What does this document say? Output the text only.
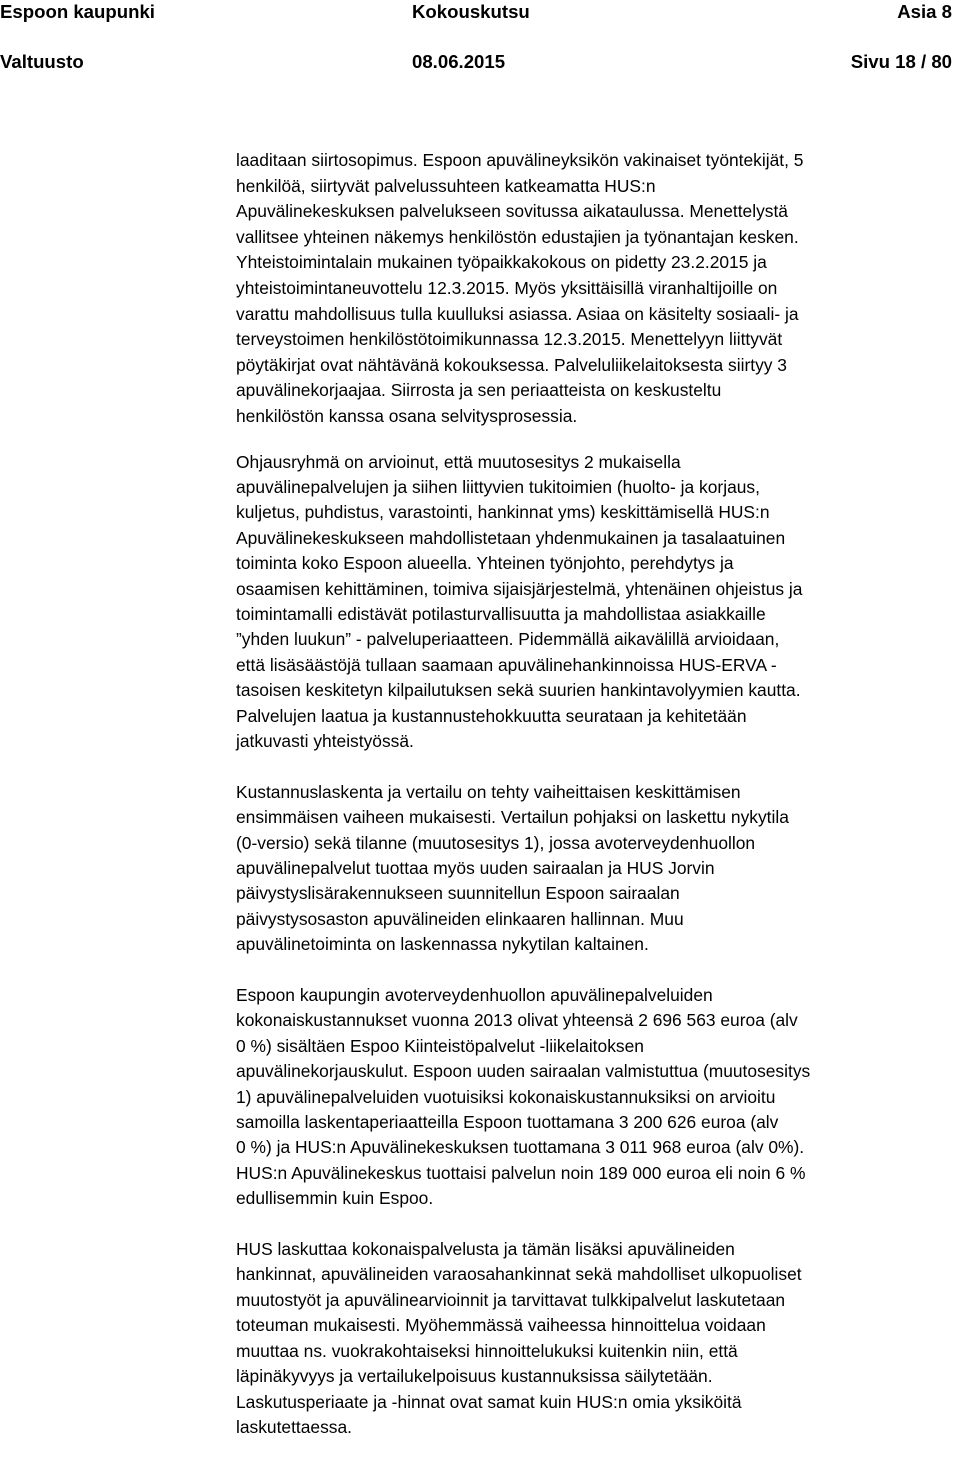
Espoon kaupunki	Kokouskutsu	Asia 8
Valtuusto	08.06.2015	Sivu 18 / 80

laaditaan siirtosopimus. Espoon apuvälineyksikön vakinaiset työntekijät, 5
henkilöä, siirtyvät palvelussuhteen katkeamatta HUS:n
Apuvälinekeskuksen palvelukseen sovitussa aikataulussa. Menettelystä
vallitsee yhteinen näkemys henkilöstön edustajien ja työnantajan kesken.
Yhteistoimintalain mukainen työpaikkakokous on pidetty 23.2.2015 ja
yhteistoimintaneuvottelu 12.3.2015. Myös yksittäisillä viranhaltijoille on
varattu mahdollisuus tulla kuulluksi asiassa. Asiaa on käsitelty sosiaali- ja
terveystoimen henkilöstötoimikunnassa 12.3.2015. Menettelyyn liittyvät
pöytäkirjat ovat nähtävänä kokouksessa. Palveluliikelaitoksesta siirtyy 3
apuvälinekorjaajaa. Siirrosta ja sen periaatteista on keskusteltu
henkilöstön kanssa osana selvitysprosessia.

Ohjausryhmä on arvioinut, että muutosesitys 2 mukaisella
apuvälinepalvelujen ja siihen liittyvien tukitoimien (huolto- ja korjaus,
kuljetus, puhdistus, varastointi, hankinnat yms) keskittämisellä HUS:n
Apuvälinekeskukseen mahdollistetaan yhdenmukainen ja tasalaatuinen
toiminta koko Espoon alueella. Yhteinen työnjohto, perehdytys ja
osaamisen kehittäminen, toimiva sijaisjärjestelmä, yhtenäinen ohjeistus ja
toimintamalli edistävät potilasturvallisuutta ja mahdollistaa asiakkaille
”yhden luukun” - palveluperiaatteen. Pidemmällä aikavälillä arvioidaan,
että lisäsäästöjä tullaan saamaan apuvälinehankinnoissa HUS-ERVA -
tasoisen keskitetyn kilpailutuksen sekä suurien hankintavolyymien kautta.
Palvelujen laatua ja kustannustehokkuutta seurataan ja kehitetään
jatkuvasti yhteistyössä.

Kustannuslaskenta ja vertailu on tehty vaiheittaisen keskittämisen
ensimmäisen vaiheen mukaisesti. Vertailun pohjaksi on laskettu nykytila
(0-versio) sekä tilanne (muutosesitys 1), jossa avoterveydenhuollon
apuvälinepalvelut tuottaa myös uuden sairaalan ja HUS Jorvin
päivystyslisärakennukseen suunnitellun Espoon sairaalan
päivystysosaston apuvälineiden elinkaaren hallinnan. Muu
apuvälinetoiminta on laskennassa nykytilan kaltainen.

Espoon kaupungin avoterveydenhuollon apuvälinepalveluiden
kokonaiskustannukset vuonna 2013 olivat yhteensä 2 696 563 euroa (alv
0 %) sisältäen Espoo Kiinteistöpalvelut -liikelaitoksen
apuvälinekorjauskulut. Espoon uuden sairaalan valmistuttua (muutosesitys
1) apuvälinepalveluiden vuotuisiksi kokonaiskustannuksiksi on arvioitu
samoilla laskentaperiaatteilla Espoon tuottamana 3 200 626 euroa (alv
0 %) ja HUS:n Apuvälinekeskuksen tuottamana 3 011 968 euroa (alv 0%).
HUS:n Apuvälinekeskus tuottaisi palvelun noin 189 000 euroa eli noin 6 %
edullisemmin kuin Espoo.

HUS laskuttaa kokonaispalvelusta ja tämän lisäksi apuvälineiden
hankinnat, apuvälineiden varaosahankinnat sekä mahdolliset ulkopuoliset
muutostyöt ja apuvälinearvioinnit ja tarvittavat tulkkipalvelut laskutetaan
toteuman mukaisesti. Myöhemmässä vaiheessa hinnoittelua voidaan
muuttaa ns. vuokrakohtaiseksi hinnoittelukuksi kuitenkin niin, että
läpinäkyvyys ja vertailukelpoisuus kustannuksissa säilytetään.
Laskutusperiaate ja -hinnat ovat samat kuin HUS:n omia yksiköitä
laskutettaessa.
